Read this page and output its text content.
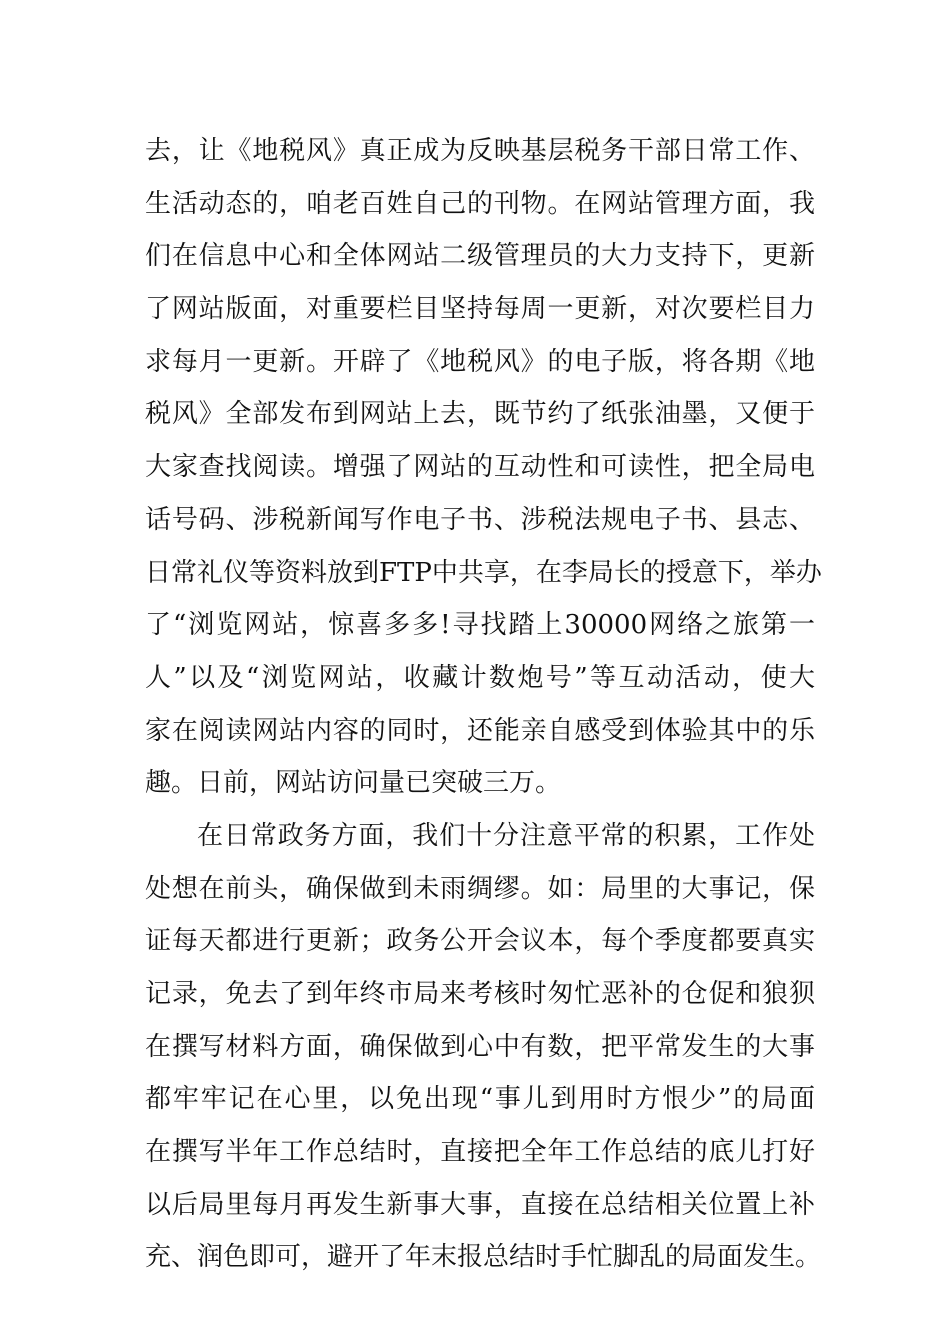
去，让《地税风》真正成为反映基层税务干部日常工作、
生活动态的，咱老百姓自己的刊物。在网站管理方面，我
们在信息中心和全体网站二级管理员的大力支持下，更新
了网站版面，对重要栏目坚持每周一更新，对次要栏目力
求每月一更新。开辟了《地税风》的电子版，将各期《地
税风》全部发布到网站上去，既节约了纸张油墨，又便于
大家查找阅读。增强了网站的互动性和可读性，把全局电
话号码、涉税新闻写作电子书、涉税法规电子书、县志、
日常礼仪等资料放到FTP中共享，在李局长的授意下，举办
了“浏览网站，惊喜多多!寻找踏上30000网络之旅第一
人”以及“浏览网站，收藏计数炮号”等互动活动，使大
家在阅读网站内容的同时，还能亲自感受到体验其中的乐
趣。日前，网站访问量已突破三万。
在日常政务方面，我们十分注意平常的积累，工作处
处想在前头，确保做到未雨绸缪。如：局里的大事记，保
证每天都进行更新；政务公开会议本，每个季度都要真实
记录，免去了到年终市局来考核时匆忙恶补的仓促和狼狈
在撰写材料方面，确保做到心中有数，把平常发生的大事
都牢牢记在心里，以免出现“事儿到用时方恨少”的局面
在撰写半年工作总结时，直接把全年工作总结的底儿打好
以后局里每月再发生新事大事，直接在总结相关位置上补
充、润色即可，避开了年末报总结时手忙脚乱的局面发生。
